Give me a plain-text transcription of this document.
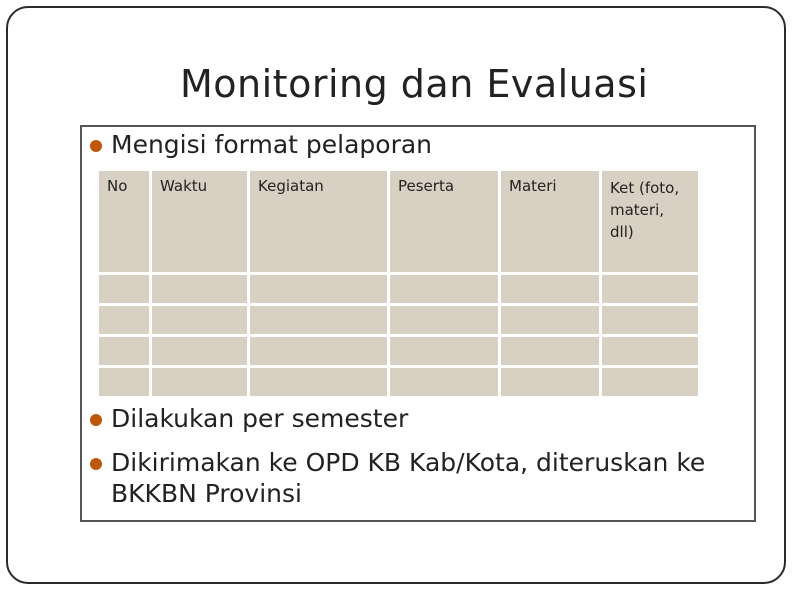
Monitoring dan Evaluasi
Mengisi format pelaporan
No	Waktu	Kegiatan	Peserta	Materi	Ket (foto, materi, dll)

Dilakukan per semester
Dikirimakan ke OPD KB Kab/Kota, diteruskan ke BKKBN Provinsi
